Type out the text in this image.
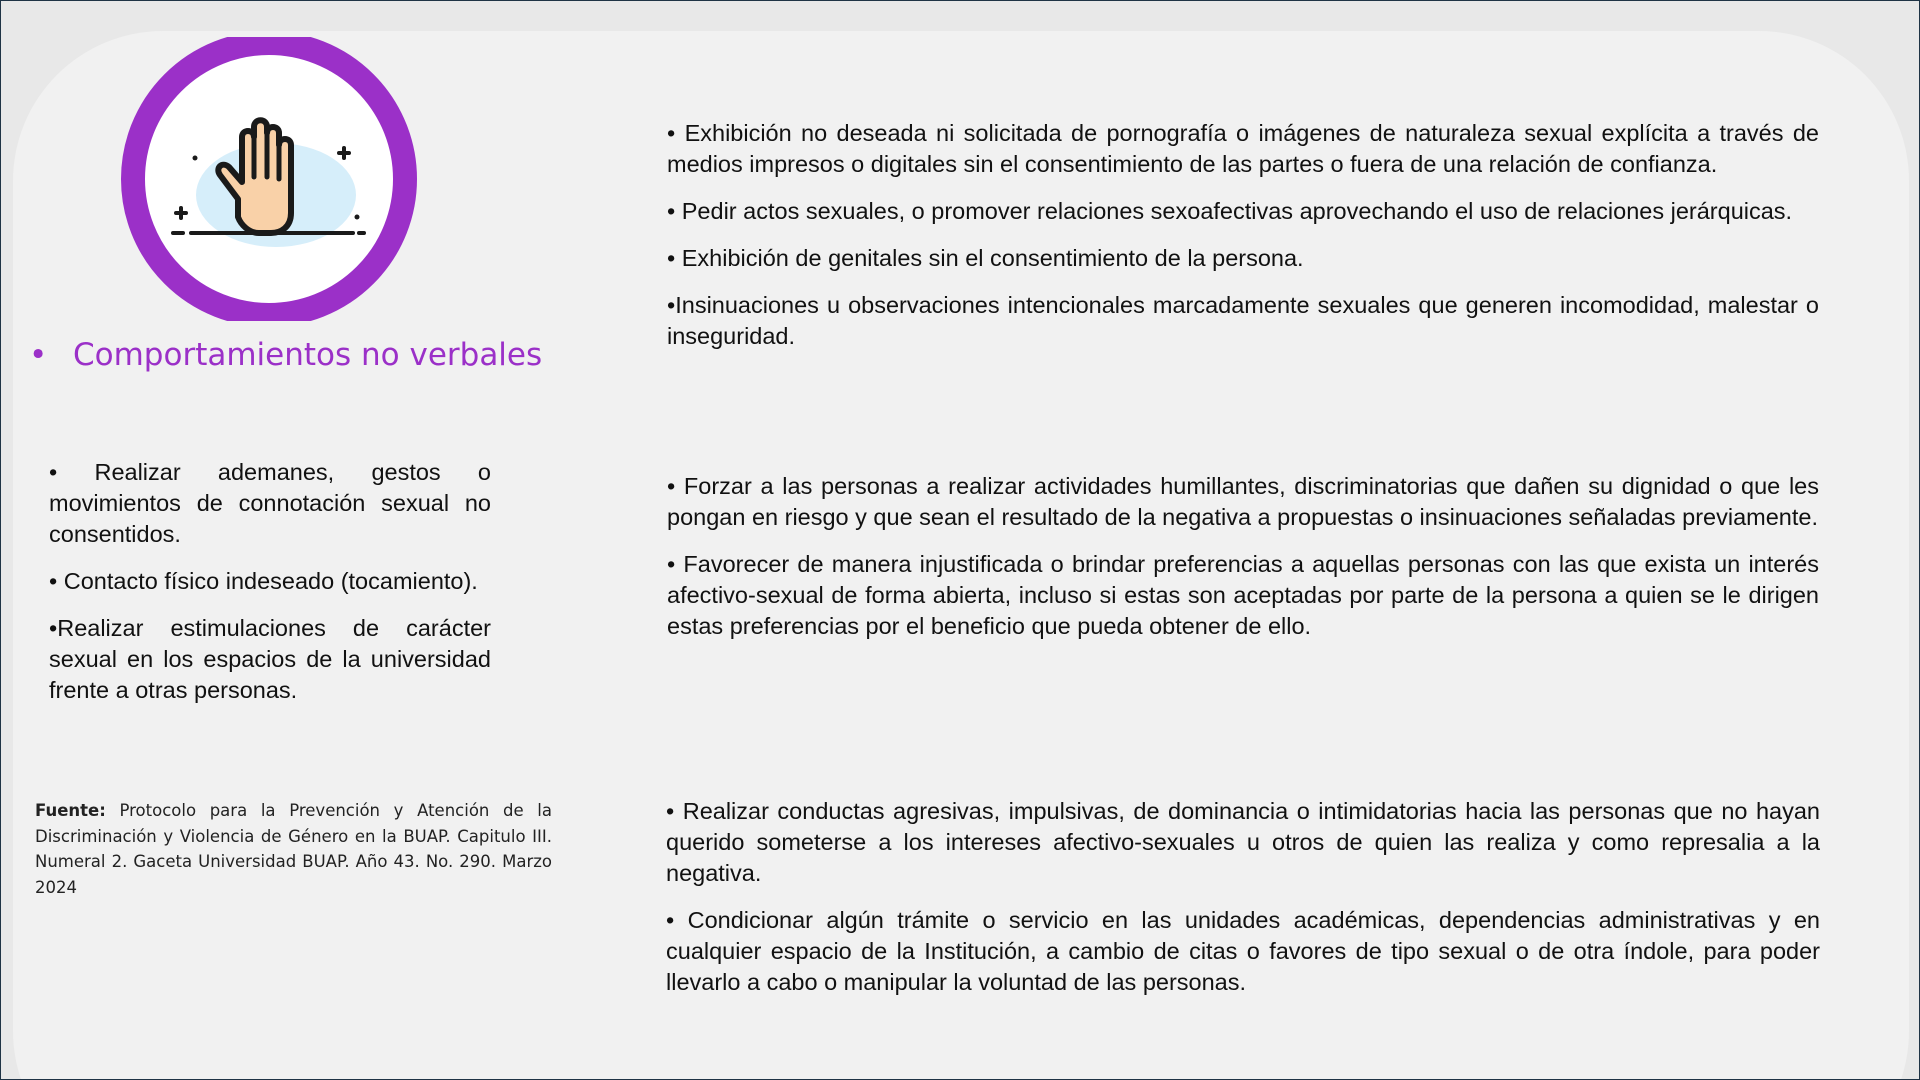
• Comportamientos no verbales

• Realizar ademanes, gestos o movimientos de connotación sexual no consentidos.

• Contacto físico indeseado (tocamiento).

•Realizar estimulaciones de carácter sexual en los espacios de la universidad frente a otras personas.

Fuente: Protocolo para la Prevención y Atención de la Discriminación y Violencia de Género en la BUAP. Capitulo III. Numeral 2. Gaceta Universidad BUAP. Año 43. No. 290. Marzo 2024

• Exhibición no deseada ni solicitada de pornografía o imágenes de naturaleza sexual explícita a través de medios impresos o digitales sin el consentimiento de las partes o fuera de una relación de confianza.

• Pedir actos sexuales, o promover relaciones sexoafectivas aprovechando el uso de relaciones jerárquicas.

• Exhibición de genitales sin el consentimiento de la persona.

•Insinuaciones u observaciones intencionales marcadamente sexuales que generen incomodidad, malestar o inseguridad.

• Forzar a las personas a realizar actividades humillantes, discriminatorias que dañen su dignidad o que les pongan en riesgo y que sean el resultado de la negativa a propuestas o insinuaciones señaladas previamente.

• Favorecer de manera injustificada o brindar preferencias a aquellas personas con las que exista un interés afectivo-sexual de forma abierta, incluso si estas son aceptadas por parte de la persona a quien se le dirigen estas preferencias por el beneficio que pueda obtener de ello.

• Realizar conductas agresivas, impulsivas, de dominancia o intimidatorias hacia las personas que no hayan querido someterse a los intereses afectivo-sexuales u otros de quien las realiza y como represalia a la negativa.

• Condicionar algún trámite o servicio en las unidades académicas, dependencias administrativas y en cualquier espacio de la Institución, a cambio de citas o favores de tipo sexual o de otra índole, para poder llevarlo a cabo o manipular la voluntad de las personas.
